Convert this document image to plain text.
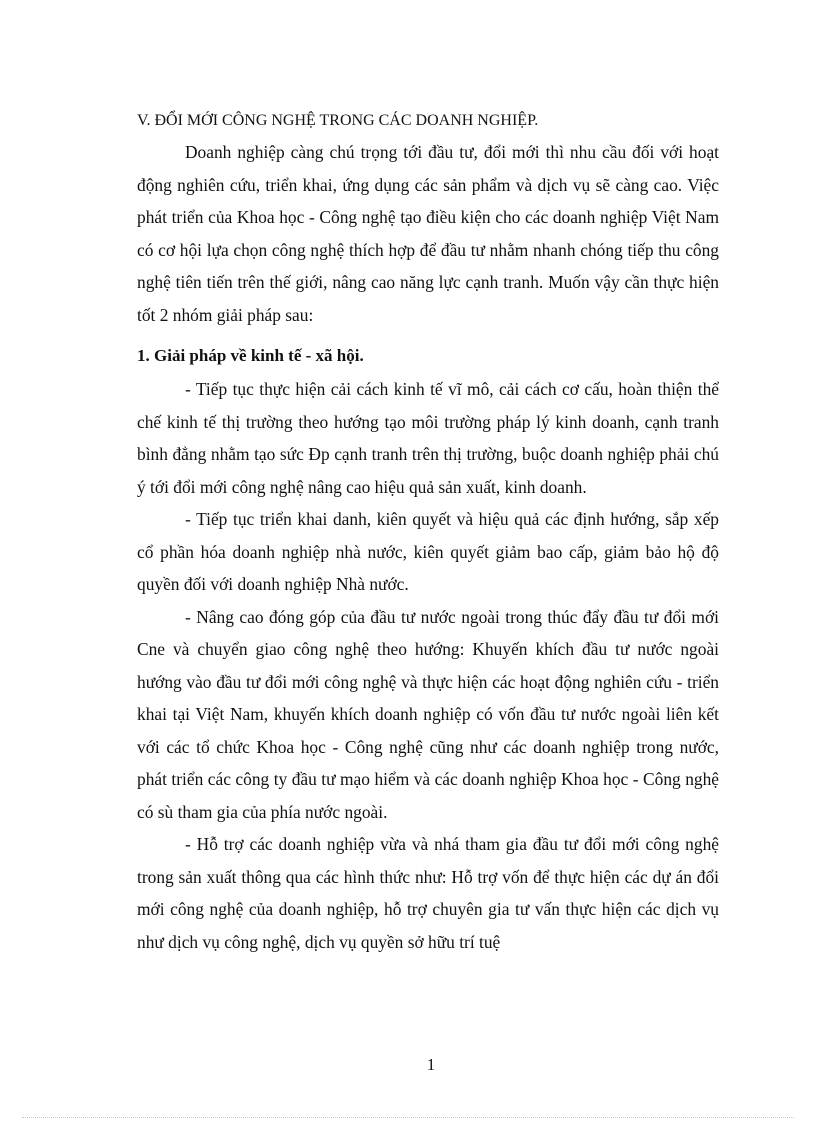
V. ĐỔI MỚI CÔNG NGHỆ TRONG CÁC DOANH NGHIỆP.

Doanh nghiệp càng chú trọng tới đầu tư, đổi mới thì nhu cầu đối với hoạt động nghiên cứu, triển khai, ứng dụng các sản phẩm và dịch vụ sẽ càng cao. Việc phát triển của Khoa học - Công nghệ tạo điều kiện cho các doanh nghiệp Việt Nam có cơ hội lựa chọn công nghệ thích hợp để đầu tư nhằm nhanh chóng tiếp thu công nghệ tiên tiến trên thế giới, nâng cao năng lực cạnh tranh. Muốn vậy cần thực hiện tốt 2 nhóm giải pháp sau:

1. Giải pháp về kinh tế - xã hội.

- Tiếp tục thực hiện cải cách kinh tế vĩ mô, cải cách cơ cấu, hoàn thiện thể chế kinh tế thị trường theo hướng tạo môi trường pháp lý kinh doanh, cạnh tranh bình đẳng nhằm tạo sức Ðp cạnh tranh trên thị trường, buộc doanh nghiệp phải chú ý tới đổi mới công nghệ nâng cao hiệu quả sản xuất, kinh doanh.

- Tiếp tục triển khai danh, kiên quyết và hiệu quả các định hướng, sắp xếp cổ phần hóa doanh nghiệp nhà nước, kiên quyết giảm bao cấp, giảm bảo hộ độ quyền đối với doanh nghiệp Nhà nước.

- Nâng cao đóng góp của đầu tư nước ngoài trong thúc đẩy đầu tư đổi mới Cne và chuyển giao công nghệ theo hướng: Khuyến khích đầu tư nước ngoài hướng vào đầu tư đổi mới công nghệ và thực hiện các hoạt động nghiên cứu - triển khai tại Việt Nam, khuyến khích doanh nghiệp có vốn đầu tư nước ngoài liên kết với các tổ chức Khoa học - Công nghệ cũng như các doanh nghiệp trong nước, phát triển các công ty đầu tư mạo hiểm và các doanh nghiệp Khoa học - Công nghệ có sù tham gia của phía nước ngoài.

- Hỗ trợ các doanh nghiệp vừa và nhá tham gia đầu tư đổi mới công nghệ trong sản xuất thông qua các hình thức như: Hỗ trợ vốn để thực hiện các dự án đổi mới công nghệ của doanh nghiệp, hỗ trợ chuyên gia tư vấn thực hiện các dịch vụ như dịch vụ công nghệ, dịch vụ quyền sở hữu trí tuệ

1
